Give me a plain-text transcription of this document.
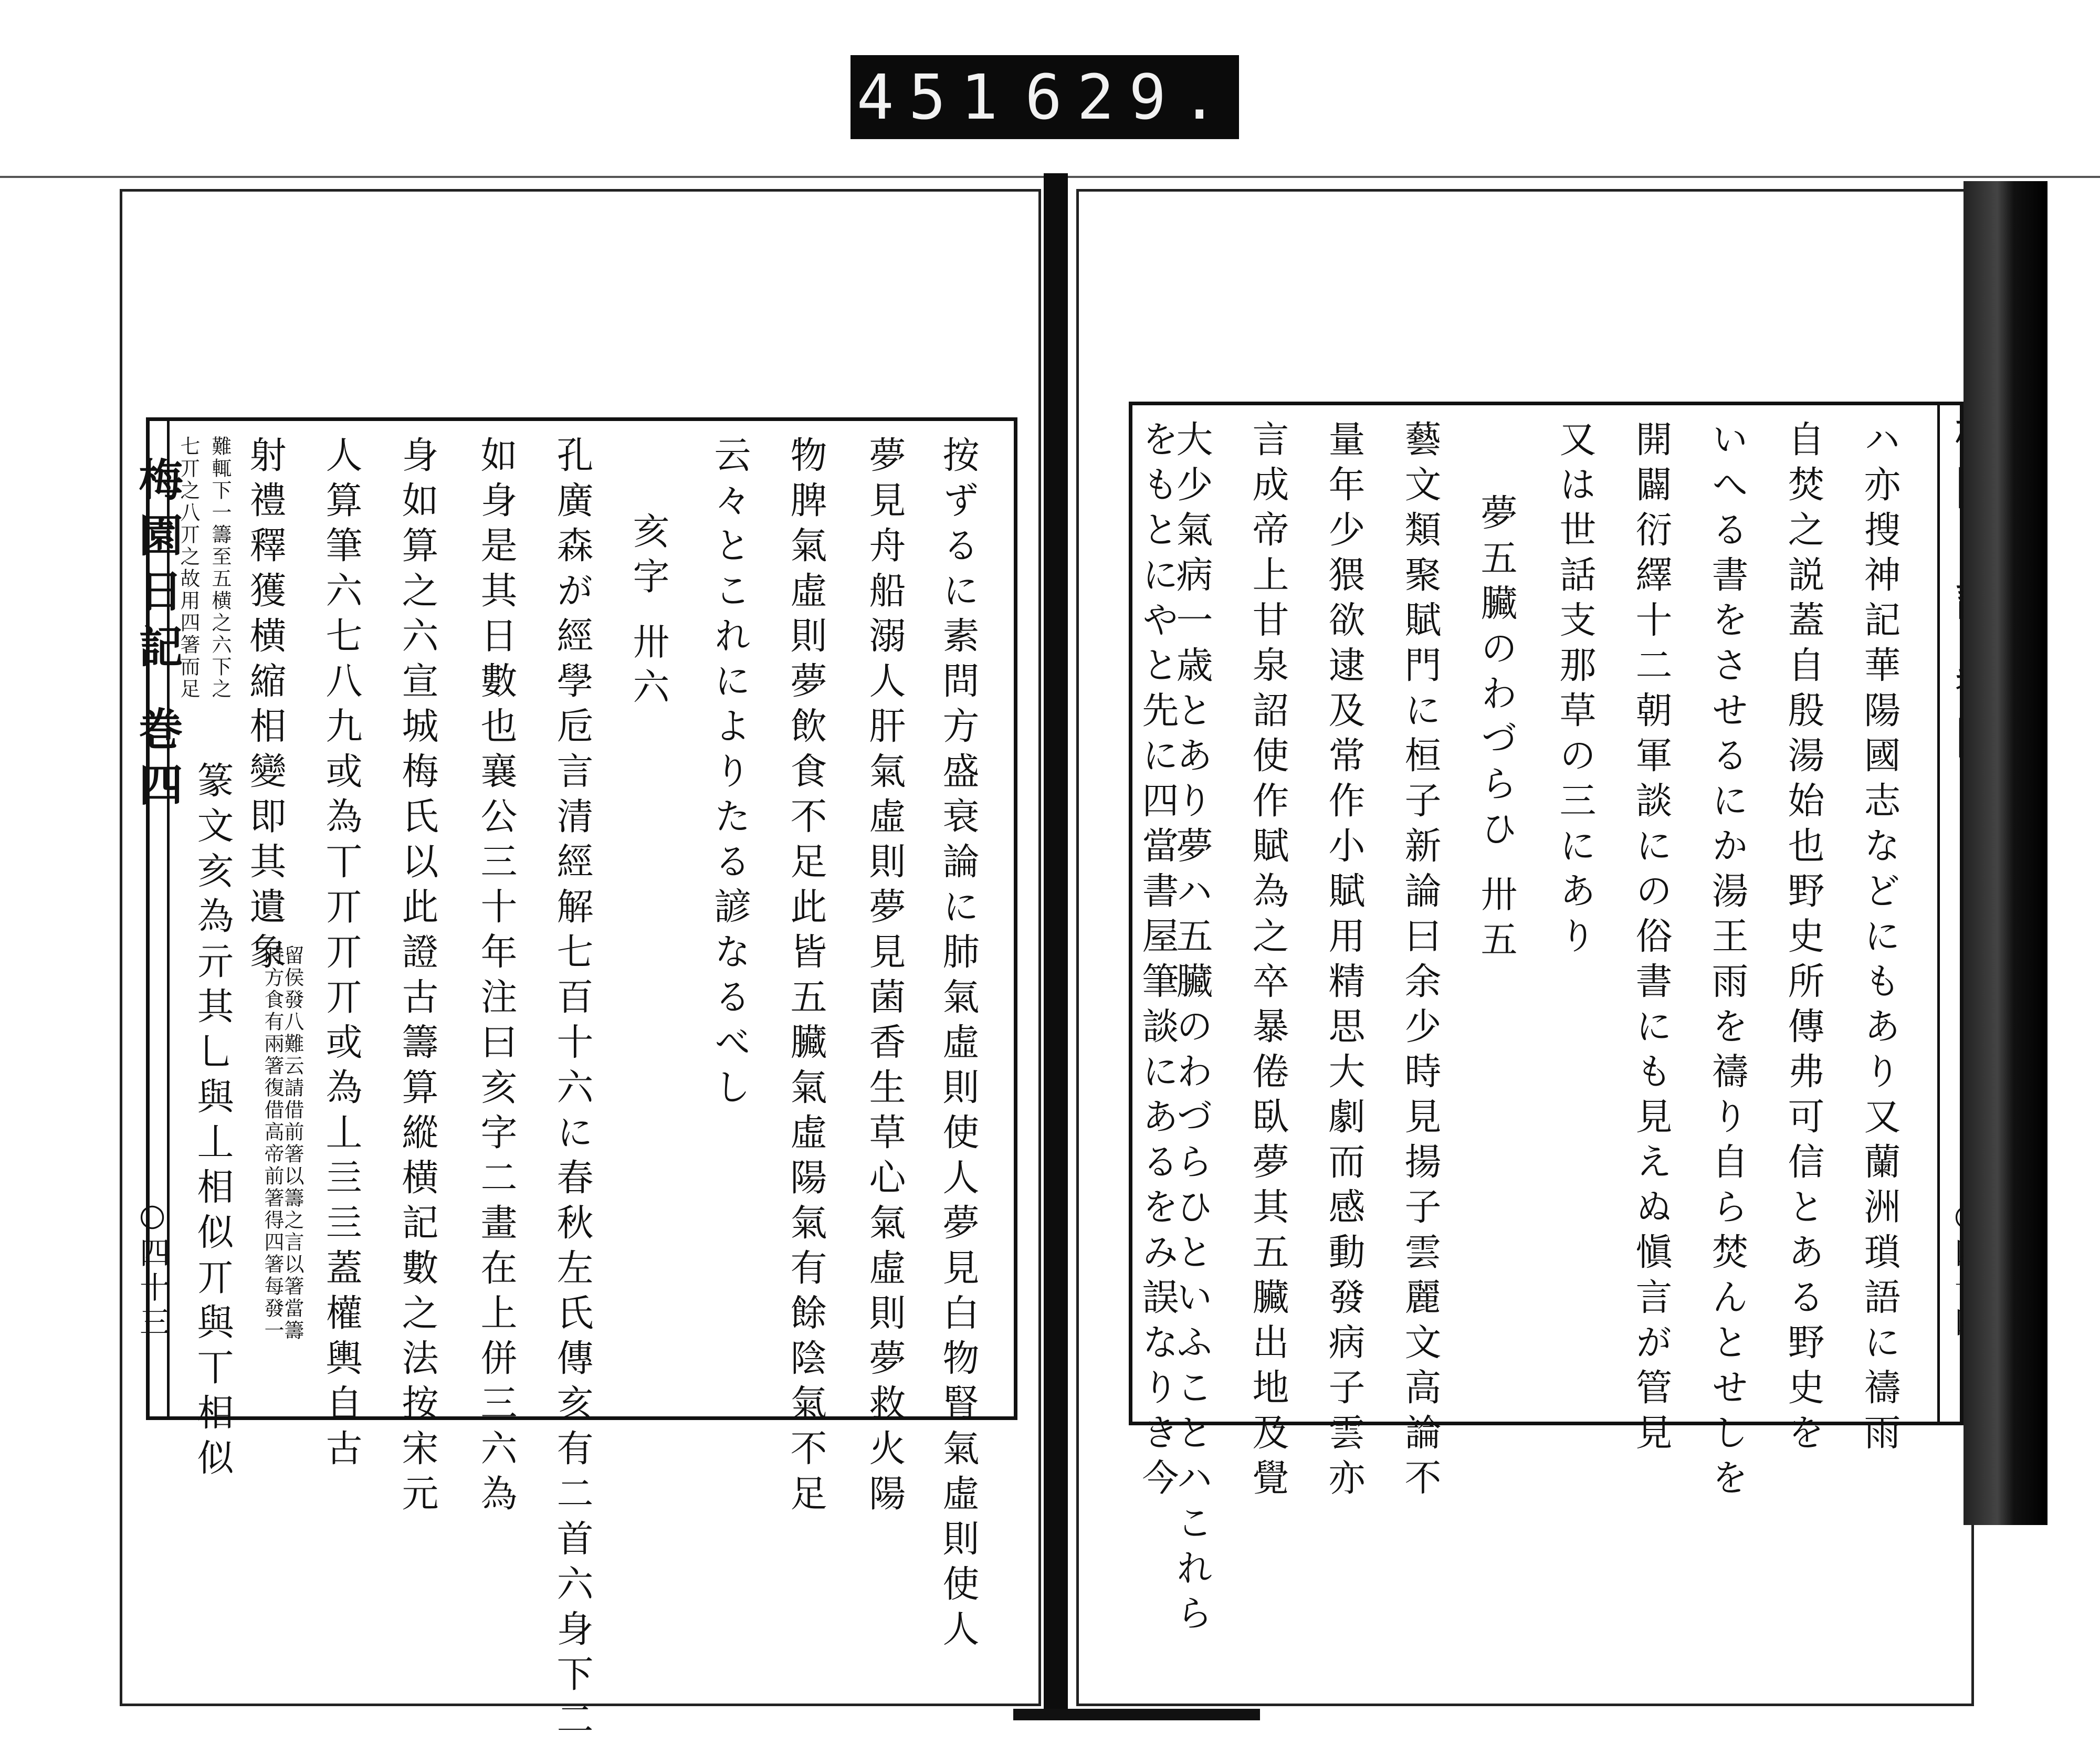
451 629.
梅園日記 巻四
○四十三	按ずるに素問方盛衰論に肺氣虛則使人夢見白物腎氣虛則使人
夢見舟船溺人肝氣虛則夢見菌香生草心氣虛則夢救火陽
物脾氣虛則夢飲食不足此皆五臟氣虛陽氣有餘陰氣不足
云々とこれによりたる諺なるべし
亥字 卅六
孔廣森が經學卮言清經解七百十六に春秋左氏傳亥有二首六身下二
如身是其日數也襄公三十年注曰亥字二畫在上併三六為
身如算之六宣城梅氏以此證古籌算縱横記數之法按宋元
人算筆六七八九或為丅丌丌丌或為丄亖亖蓋權輿自古
射禮釋獲横縮相變即其遺象
篆文亥為亓其乚與丄相似丌與丅相似 留侯發八難云請借前箸以籌之言以箸當籌
時方食有兩箸復借高帝前箸得四箸每發一
難輒下一籌至五横之六下之
七丌之八丌之故用四箸而足	ハ亦搜神記華陽國志などにもあり又蘭洲瑣語に禱雨
自焚之説蓋自殷湯始也野史所傳弗可信とある野史を
いへる書をさせるにか湯王雨を禱り自ら焚んとせしを
開闢衍繹十二朝軍談にの俗書にも見えぬ愼言が管見
又は世話支那草の三にあり
夢五臟のわづらひ 卅五
藝文類聚賦門に桓子新論曰余少時見揚子雲麗文高論不
量年少猥欲逮及常作小賦用精思大劇而感動發病子雲亦
言成帝上甘泉詔使作賦為之卒暴倦臥夢其五臟出地及覺
大少氣病一歳とあり夢ハ五臟のわづらひといふことハこれら
をもとにやと先に四當書屋筆談にあるをみ誤なりき今
